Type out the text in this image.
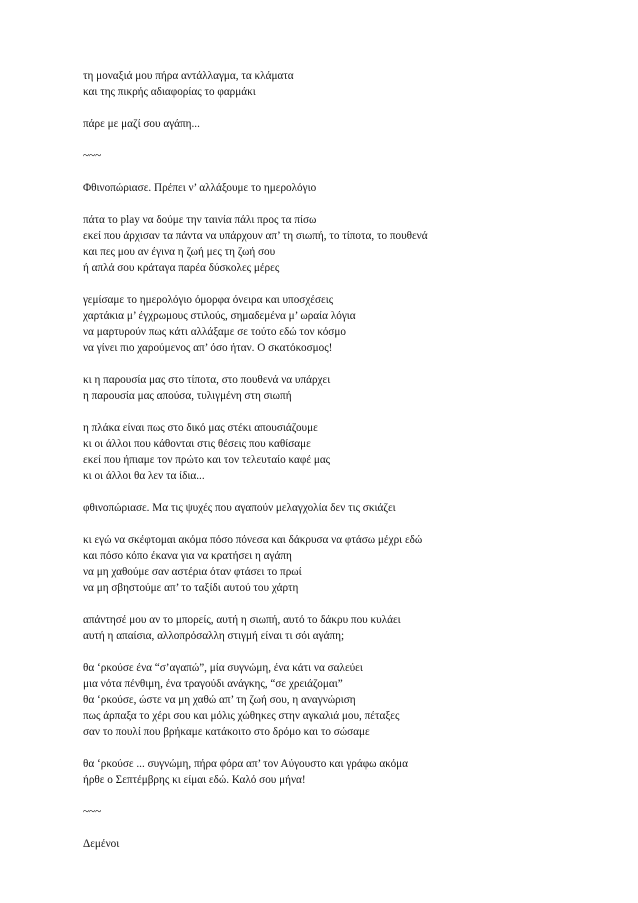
τη μοναξιά μου πήρα αντάλλαγμα, τα κλάματα
και της πικρής αδιαφορίας το φαρμάκι
πάρε με μαζί σου αγάπη...
~~~
Φθινοπώριασε. Πρέπει ν’ αλλάξουμε το ημερολόγιο
πάτα το play να δούμε την ταινία πάλι προς τα πίσω
εκεί που άρχισαν τα πάντα να υπάρχουν απ’ τη σιωπή, το τίποτα, το πουθενά
και πες μου αν έγινα η ζωή μες τη ζωή σου
ή απλά σου κράταγα παρέα δύσκολες μέρες
γεμίσαμε το ημερολόγιο όμορφα όνειρα και υποσχέσεις
χαρτάκια μ’ έγχρωμους στιλούς, σημαδεμένα μ’ ωραία λόγια
να μαρτυρούν πως κάτι αλλάξαμε σε τούτο εδώ τον κόσμο
να γίνει πιο χαρούμενος απ’ όσο ήταν. Ο σκατόκοσμος!
κι η παρουσία μας στο τίποτα, στο πουθενά να υπάρχει
η παρουσία μας απούσα, τυλιγμένη στη σιωπή
η πλάκα είναι πως στο δικό μας στέκι απουσιάζουμε
κι οι άλλοι που κάθονται στις θέσεις που καθίσαμε
εκεί που ήπιαμε τον πρώτο και τον τελευταίο καφέ μας
κι οι άλλοι θα λεν τα ίδια...
φθινοπώριασε. Μα τις ψυχές που αγαπούν μελαγχολία δεν τις σκιάζει
κι εγώ να σκέφτομαι ακόμα πόσο πόνεσα και δάκρυσα να φτάσω μέχρι εδώ
και πόσο κόπο έκανα για να κρατήσει η αγάπη
να μη χαθούμε σαν αστέρια όταν φτάσει το πρωί
να μη σβηστούμε απ’ το ταξίδι αυτού του χάρτη
απάντησέ μου αν το μπορείς, αυτή η σιωπή, αυτό το δάκρυ που κυλάει
αυτή η απαίσια, αλλοπρόσαλλη στιγμή είναι τι σόι αγάπη;
θα ‘ρκούσε ένα “σ’αγαπώ”, μία συγνώμη, ένα κάτι να σαλεύει
μια νότα πένθιμη, ένα τραγούδι ανάγκης, “σε χρειάζομαι”
θα ‘ρκούσε, ώστε να μη χαθώ απ’ τη ζωή σου, η αναγνώριση
πως άρπαξα το χέρι σου και μόλις χώθηκες στην αγκαλιά μου, πέταξες
σαν το πουλί που βρήκαμε κατάκοιτο στο δρόμο και το σώσαμε
θα ‘ρκούσε ... συγνώμη, πήρα φόρα απ’ τον Αύγουστο και γράφω ακόμα
ήρθε ο Σεπτέμβρης κι είμαι εδώ. Καλό σου μήνα!
~~~
Δεμένοι
